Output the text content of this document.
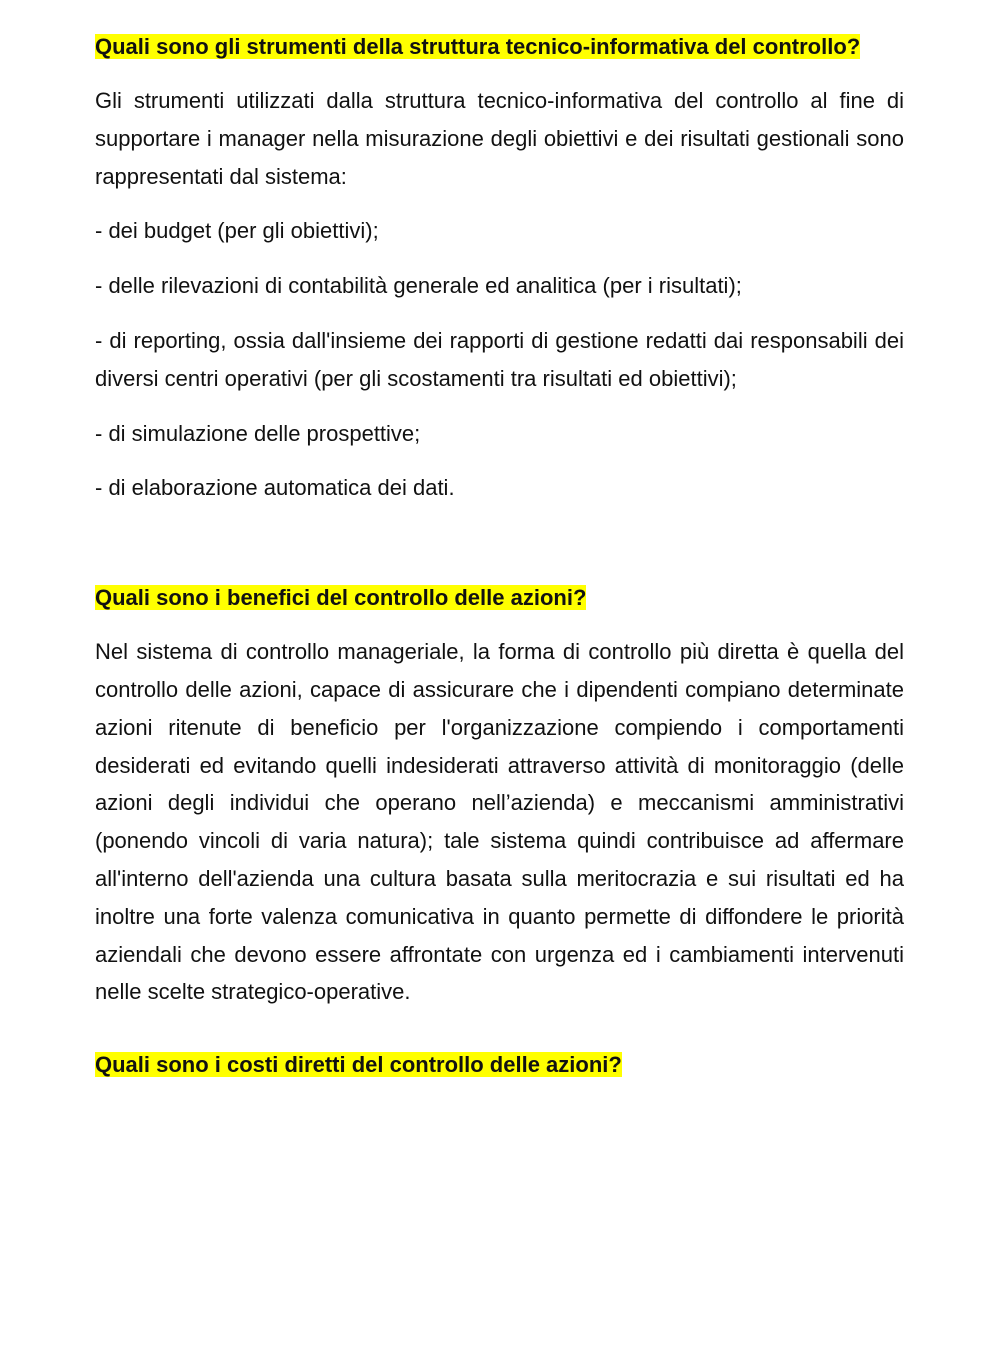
Quali sono gli strumenti della struttura tecnico-informativa del controllo?

Gli strumenti utilizzati dalla struttura tecnico-informativa del controllo al fine di supportare i manager nella misurazione degli obiettivi e dei risultati gestionali sono rappresentati dal sistema:

- dei budget (per gli obiettivi);

- delle rilevazioni di contabilità generale ed analitica (per i risultati);

- di reporting, ossia dall'insieme dei rapporti di gestione redatti dai responsabili dei diversi centri operativi (per gli scostamenti tra risultati ed obiettivi);

- di simulazione delle prospettive;

- di elaborazione automatica dei dati.

Quali sono i benefici del controllo delle azioni?

Nel sistema di controllo manageriale, la forma di controllo più diretta è quella del controllo delle azioni, capace di assicurare che i dipendenti compiano determinate azioni ritenute di beneficio per l'organizzazione compiendo i comportamenti desiderati ed evitando quelli indesiderati attraverso attività di monitoraggio (delle azioni degli individui che operano nell’azienda) e meccanismi amministrativi (ponendo vincoli di varia natura); tale sistema quindi contribuisce ad affermare all'interno dell'azienda una cultura basata sulla meritocrazia e sui risultati ed ha inoltre una forte valenza comunicativa in quanto permette di diffondere le priorità aziendali che devono essere affrontate con urgenza ed i cambiamenti intervenuti nelle scelte strategico-operative.

Quali sono i costi diretti del controllo delle azioni?
